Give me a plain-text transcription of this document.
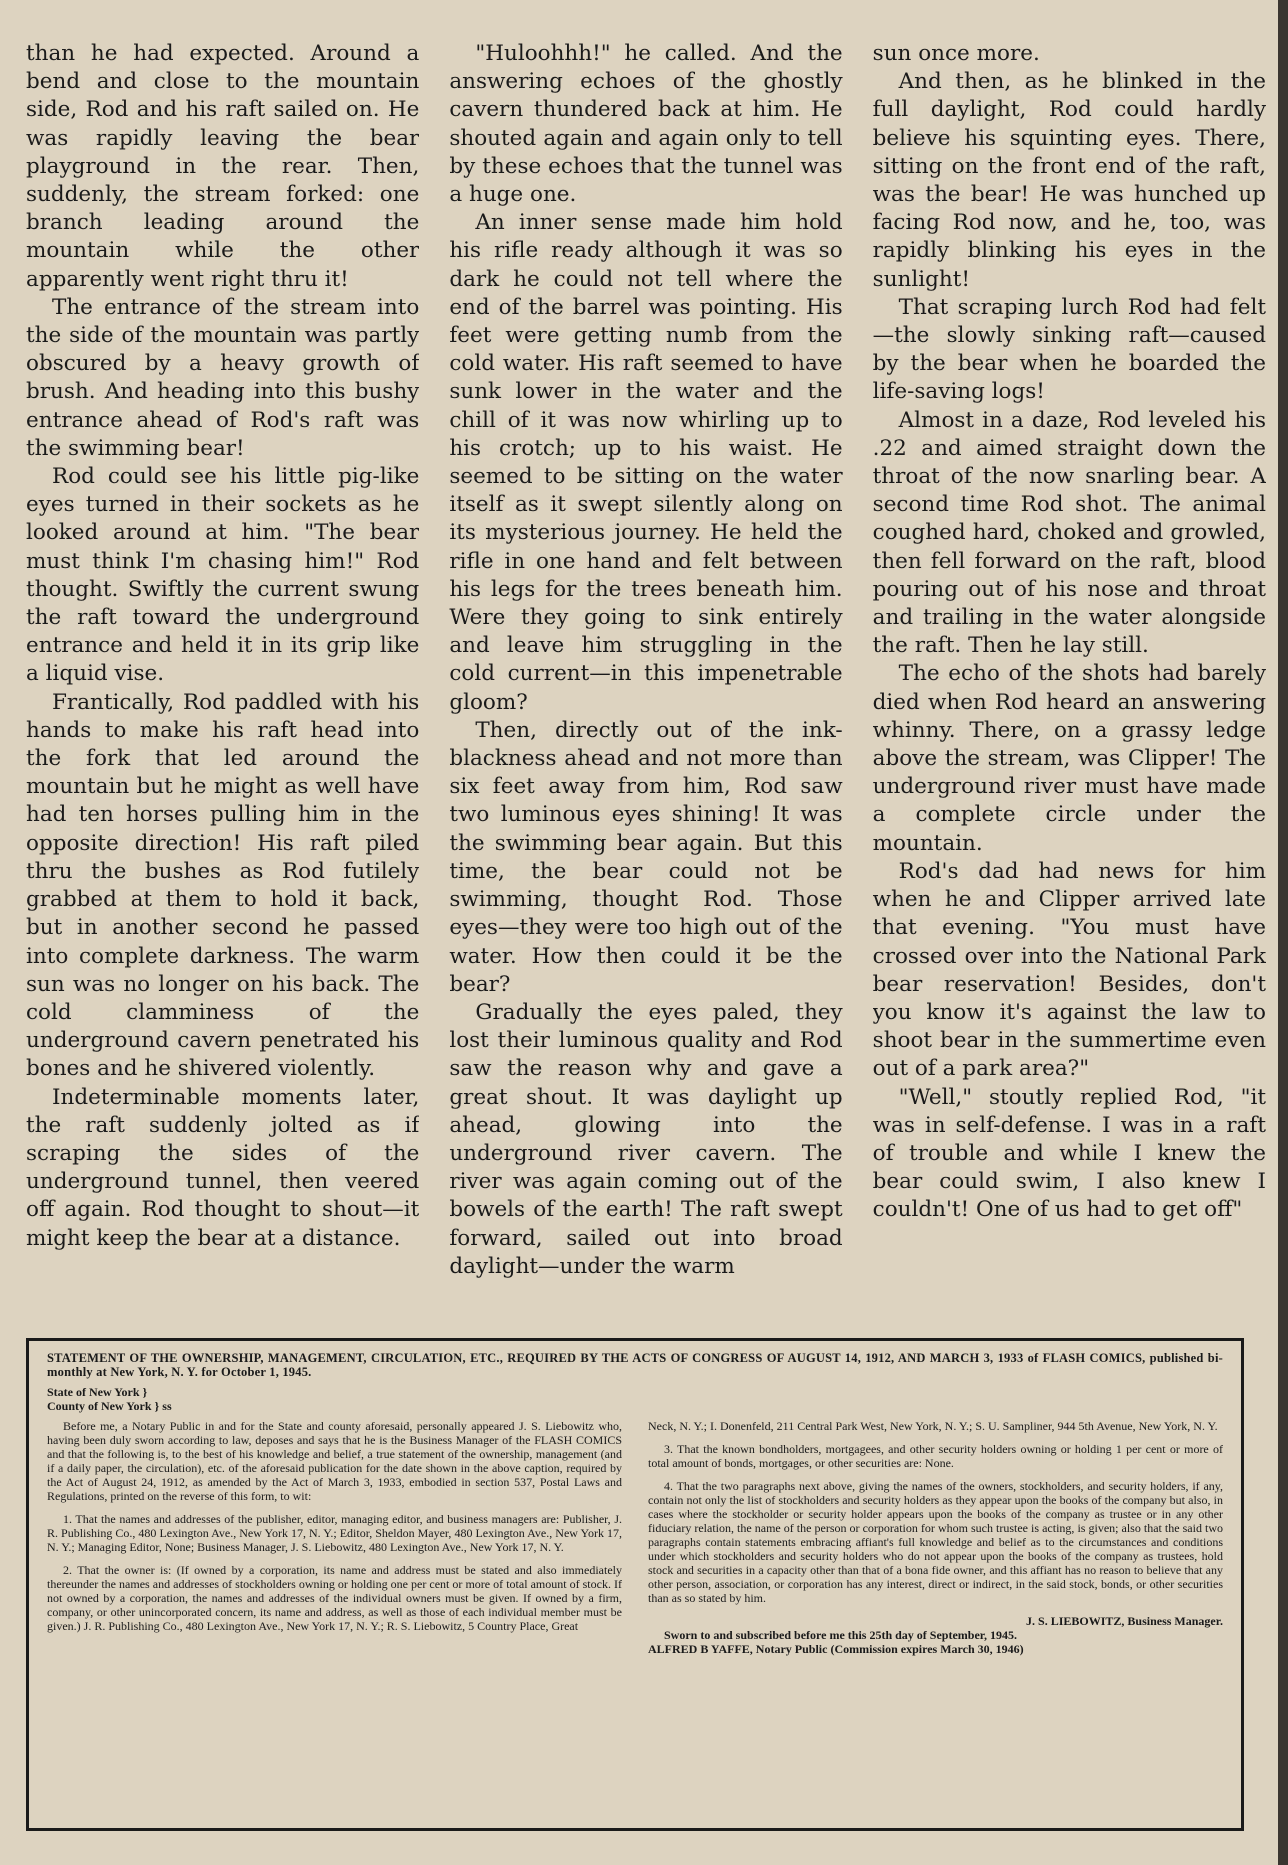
than he had expected. Around a bend and close to the mountain side, Rod and his raft sailed on. He was rapidly leaving the bear playground in the rear. Then, suddenly, the stream forked: one branch leading around the mountain while the other apparently went right thru it!

The entrance of the stream into the side of the mountain was partly obscured by a heavy growth of brush. And heading into this bushy entrance ahead of Rod's raft was the swimming bear!

Rod could see his little pig-like eyes turned in their sockets as he looked around at him. "The bear must think I'm chasing him!" Rod thought. Swiftly the current swung the raft toward the underground entrance and held it in its grip like a liquid vise.

Frantically, Rod paddled with his hands to make his raft head into the fork that led around the mountain but he might as well have had ten horses pulling him in the opposite direction! His raft piled thru the bushes as Rod futilely grabbed at them to hold it back, but in another second he passed into complete darkness. The warm sun was no longer on his back. The cold clamminess of the underground cavern penetrated his bones and he shivered violently.

Indeterminable moments later, the raft suddenly jolted as if scraping the sides of the underground tunnel, then veered off again. Rod thought to shout—it might keep the bear at a distance.

"Huloohhh!" he called. And the answering echoes of the ghostly cavern thundered back at him. He shouted again and again only to tell by these echoes that the tunnel was a huge one.

An inner sense made him hold his rifle ready although it was so dark he could not tell where the end of the barrel was pointing. His feet were getting numb from the cold water. His raft seemed to have sunk lower in the water and the chill of it was now whirling up to his crotch; up to his waist. He seemed to be sitting on the water itself as it swept silently along on its mysterious journey. He held the rifle in one hand and felt between his legs for the trees beneath him. Were they going to sink entirely and leave him struggling in the cold current—in this impenetrable gloom?

Then, directly out of the ink-blackness ahead and not more than six feet away from him, Rod saw two luminous eyes shining! It was the swimming bear again. But this time, the bear could not be swimming, thought Rod. Those eyes—they were too high out of the water. How then could it be the bear?

Gradually the eyes paled, they lost their luminous quality and Rod saw the reason why and gave a great shout. It was daylight up ahead, glowing into the underground river cavern. The river was again coming out of the bowels of the earth! The raft swept forward, sailed out into broad daylight—under the warm

sun once more.

And then, as he blinked in the full daylight, Rod could hardly believe his squinting eyes. There, sitting on the front end of the raft, was the bear! He was hunched up facing Rod now, and he, too, was rapidly blinking his eyes in the sunlight!

That scraping lurch Rod had felt—the slowly sinking raft—caused by the bear when he boarded the life-saving logs!

Almost in a daze, Rod leveled his .22 and aimed straight down the throat of the now snarling bear. A second time Rod shot. The animal coughed hard, choked and growled, then fell forward on the raft, blood pouring out of his nose and throat and trailing in the water alongside the raft. Then he lay still.

The echo of the shots had barely died when Rod heard an answering whinny. There, on a grassy ledge above the stream, was Clipper! The underground river must have made a complete circle under the mountain.

Rod's dad had news for him when he and Clipper arrived late that evening. "You must have crossed over into the National Park bear reservation! Besides, don't you know it's against the law to shoot bear in the summertime even out of a park area?"

"Well," stoutly replied Rod, "it was in self-defense. I was in a raft of trouble and while I knew the bear could swim, I also knew I couldn't! One of us had to get off"

STATEMENT OF THE OWNERSHIP, MANAGEMENT, CIRCULATION, ETC., REQUIRED BY THE ACTS OF CONGRESS OF AUGUST 14, 1912, AND MARCH 3, 1933 of FLASH COMICS, published bi-monthly at New York, N. Y. for October 1, 1945.
State of New York }
County of New York } ss

Before me, a Notary Public in and for the State and county aforesaid, personally appeared J. S. Liebowitz who, having been duly sworn according to law, deposes and says that he is the Business Manager of the FLASH COMICS and that the following is, to the best of his knowledge and belief, a true statement of the ownership, management (and if a daily paper, the circulation), etc. of the aforesaid publication for the date shown in the above caption, required by the Act of August 24, 1912, as amended by the Act of March 3, 1933, embodied in section 537, Postal Laws and Regulations, printed on the reverse of this form, to wit:

1. That the names and addresses of the publisher, editor, managing editor, and business managers are: Publisher, J. R. Publishing Co., 480 Lexington Ave., New York 17, N. Y.; Editor, Sheldon Mayer, 480 Lexington Ave., New York 17, N. Y.; Managing Editor, None; Business Manager, J. S. Liebowitz, 480 Lexington Ave., New York 17, N. Y.

2. That the owner is: (If owned by a corporation, its name and address must be stated and also immediately thereunder the names and addresses of stockholders owning or holding one per cent or more of total amount of stock. If not owned by a corporation, the names and addresses of the individual owners must be given. If owned by a firm, company, or other unincorporated concern, its name and address, as well as those of each individual member must be given.) J. R. Publishing Co., 480 Lexington Ave., New York 17, N. Y.; R. S. Liebowitz, 5 Country Place, Great

Neck, N. Y.; I. Donenfeld, 211 Central Park West, New York, N. Y.; S. U. Sampliner, 944 5th Avenue, New York, N. Y.

3. That the known bondholders, mortgagees, and other security holders owning or holding 1 per cent or more of total amount of bonds, mortgages, or other securities are: None.

4. That the two paragraphs next above, giving the names of the owners, stockholders, and security holders, if any, contain not only the list of stockholders and security holders as they appear upon the books of the company but also, in cases where the stockholder or security holder appears upon the books of the company as trustee or in any other fiduciary relation, the name of the person or corporation for whom such trustee is acting, is given; also that the said two paragraphs contain statements embracing affiant's full knowledge and belief as to the circumstances and conditions under which stockholders and security holders who do not appear upon the books of the company as trustees, hold stock and securities in a capacity other than that of a bona fide owner, and this affiant has no reason to believe that any other person, association, or corporation has any interest, direct or indirect, in the said stock, bonds, or other securities than as so stated by him.

J. S. LIEBOWITZ, Business Manager.
Sworn to and subscribed before me this 25th day of September, 1945.
ALFRED B YAFFE, Notary Public (Commission expires March 30, 1946)
